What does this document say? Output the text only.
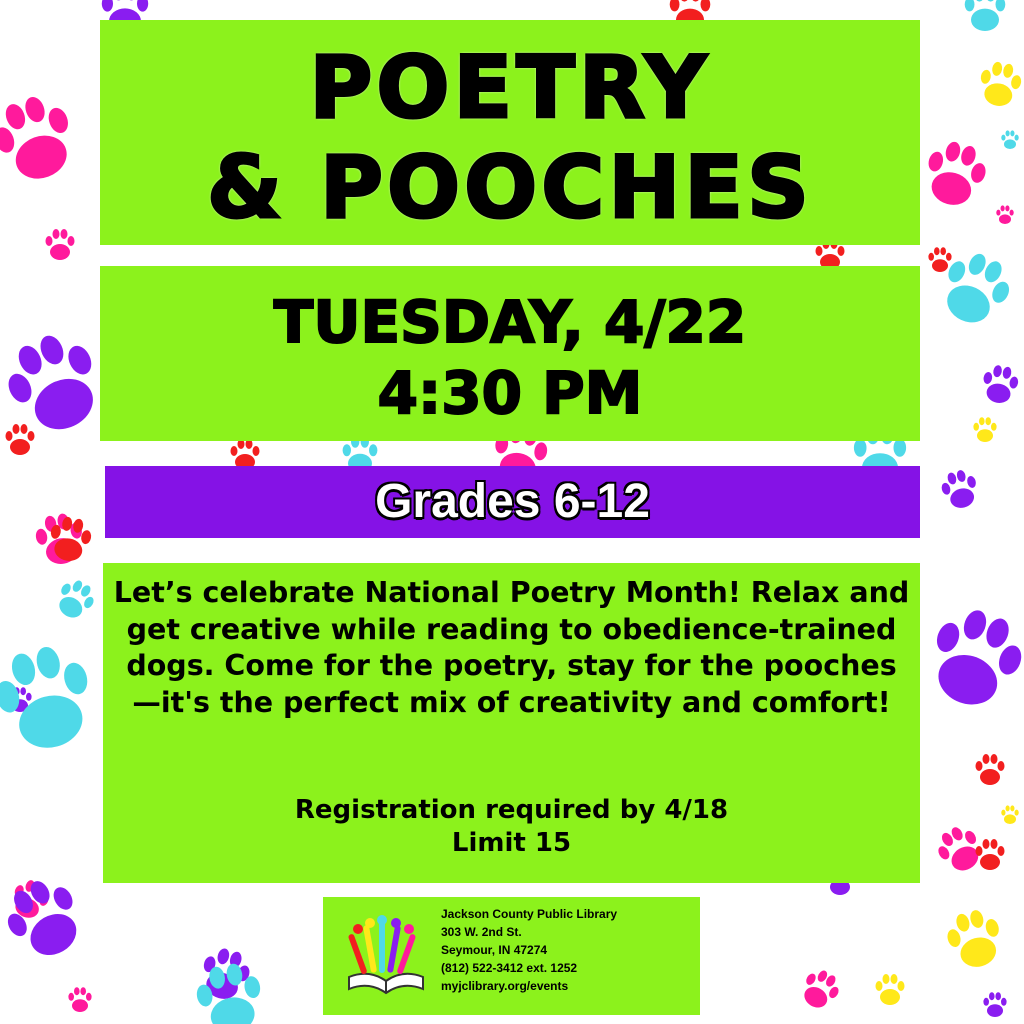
POETRY
& POOCHES
TUESDAY, 4/22
4:30 PM
Grades 6-12
Let’s celebrate National Poetry Month! Relax and get creative while reading to obedience-trained dogs. Come for the poetry, stay for the pooches—it's the perfect mix of creativity and comfort!
Registration required by 4/18
Limit 15
Jackson County Public Library
303 W. 2nd St.
Seymour, IN 47274
(812) 522-3412 ext. 1252
myjclibrary.org/events
